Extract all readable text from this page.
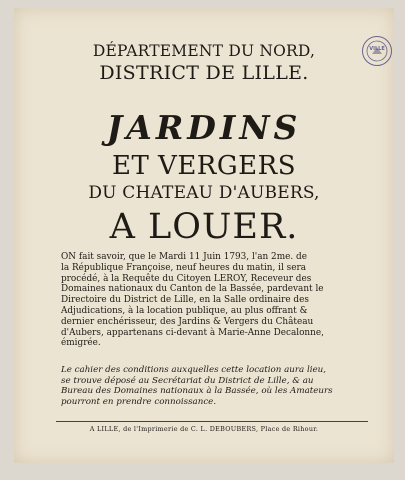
VILLE
DÉPARTEMENT DU NORD,
DISTRICT DE LILLE.
JARDINS
ET VERGERS
DU CHATEAU D'AUBERS,
A LOUER.
ON fait savoir, que le Mardi 11 Juin 1793, l'an 2me. de
la République Françoise, neuf heures du matin, il sera
procédé, à la Requête du Citoyen LEROY, Receveur des
Domaines nationaux du Canton de la Bassée, pardevant le
Directoire du District de Lille, en la Salle ordinaire des
Adjudications, à la location publique, au plus offrant &
dernier enchérisseur, des Jardins & Vergers du Château
d'Aubers, appartenans ci-devant à Marie-Anne Decalonne,
émigrée.
Le cahier des conditions auxquelles cette location aura lieu,
se trouve déposé au Secrétariat du District de Lille, & au
Bureau des Domaines nationaux à la Bassée, où les Amateurs
pourront en prendre connoissance.
A LILLE, de l'Imprimerie de C. L. DEBOUBERS, Place de Rihour.
